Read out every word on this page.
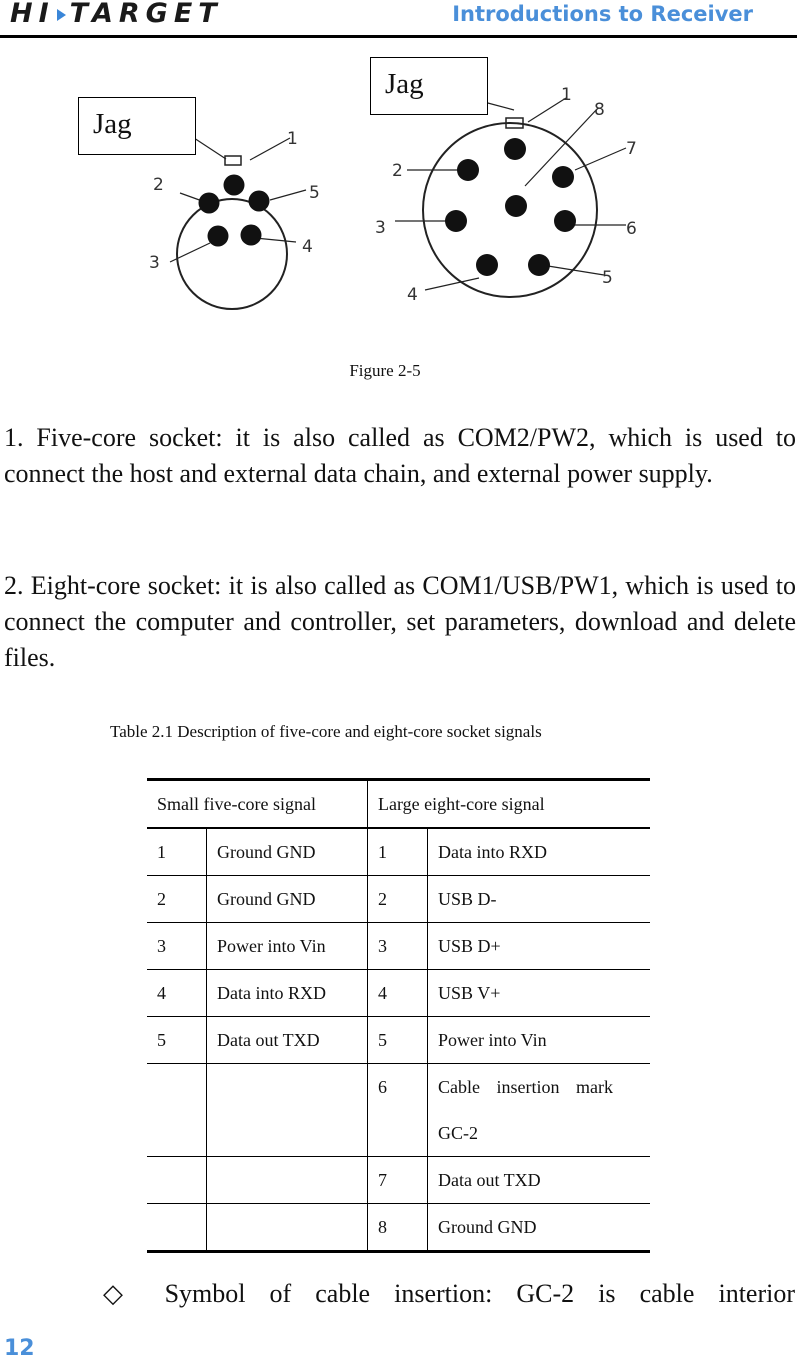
HI TARGET	Introductions to Receiver
1
2
3
4
5
1
2
3
4
5
6
7
8
Jag
Jag
Figure 2-5

1. Five-core socket: it is also called as COM2/PW2, which is used to connect the host and external data chain, and external power supply.

2. Eight-core socket: it is also called as COM1/USB/PW1, which is used to connect the computer and controller, set parameters, download and delete files.

Table 2.1 Description of five-core and eight-core socket signals
Small five-core signal		Large eight-core signal	
1	Ground GND	1	Data into RXD
2	Ground GND	2	USB D-
3	Power into Vin	3	USB D+
4	Data into RXD	4	USB V+
5	Data out TXD	5	Power into Vin
		6	Cable insertion mark GC-2

		7	Data out TXD
		8	Ground GND
◇ Symbol of cable insertion: GC-2 is cable interior
12
